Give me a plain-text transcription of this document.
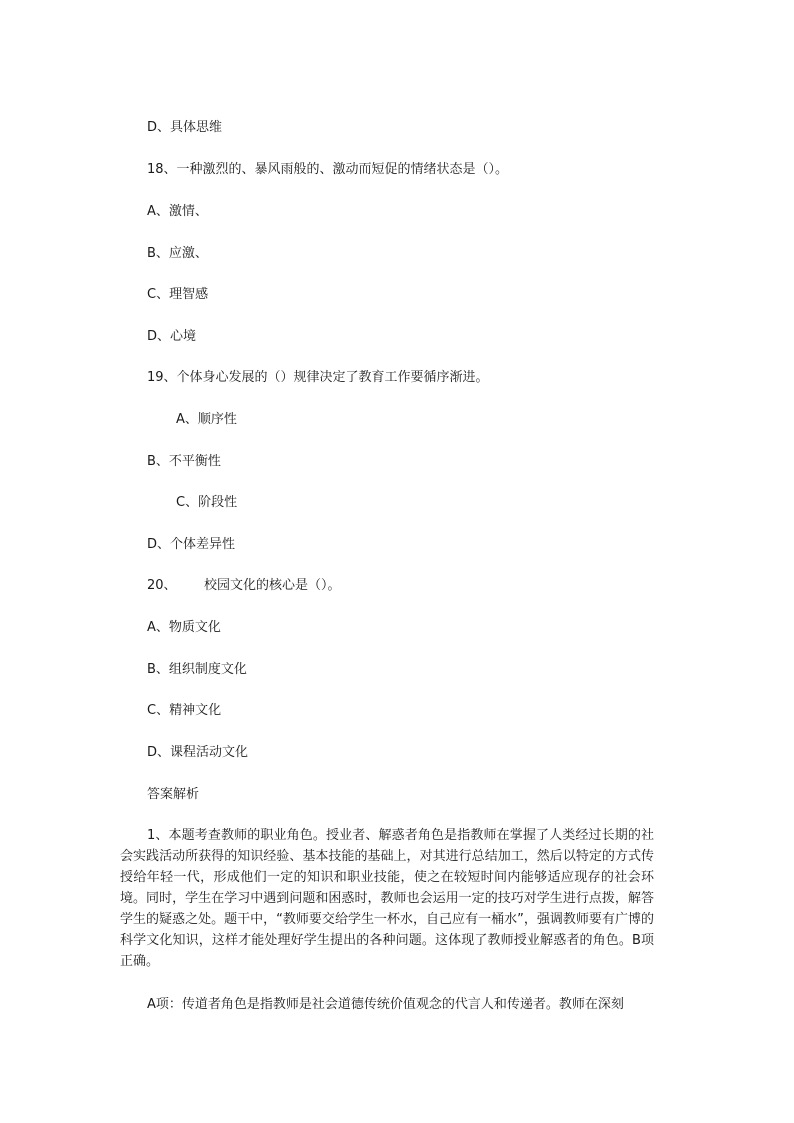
D、具体思维
18、一种激烈的、暴风雨般的、激动而短促的情绪状态是（）。
A、激情、
B、应激、
C、理智感
D、心境
19、个体身心发展的（）规律决定了教育工作要循序渐进。
A、顺序性
B、不平衡性
C、阶段性
D、个体差异性
20、 校园文化的核心是（）。
A、物质文化
B、组织制度文化
C、精神文化
D、课程活动文化
答案解析

1、本题考查教师的职业角色。授业者、解惑者角色是指教师在掌握了人类经过长期的社会实践活动所获得的知识经验、基本技能的基础上，对其进行总结加工，然后以特定的方式传授给年轻一代，形成他们一定的知识和职业技能，使之在较短时间内能够适应现存的社会环境。同时，学生在学习中遇到问题和困惑时，教师也会运用一定的技巧对学生进行点拨，解答学生的疑惑之处。题干中，“教师要交给学生一杯水，自己应有一桶水”，强调教师要有广博的科学文化知识，这样才能处理好学生提出的各种问题。这体现了教师授业解惑者的角色。B项正确。

A项：传道者角色是指教师是社会道德传统价值观念的代言人和传递者。教师在深刻
